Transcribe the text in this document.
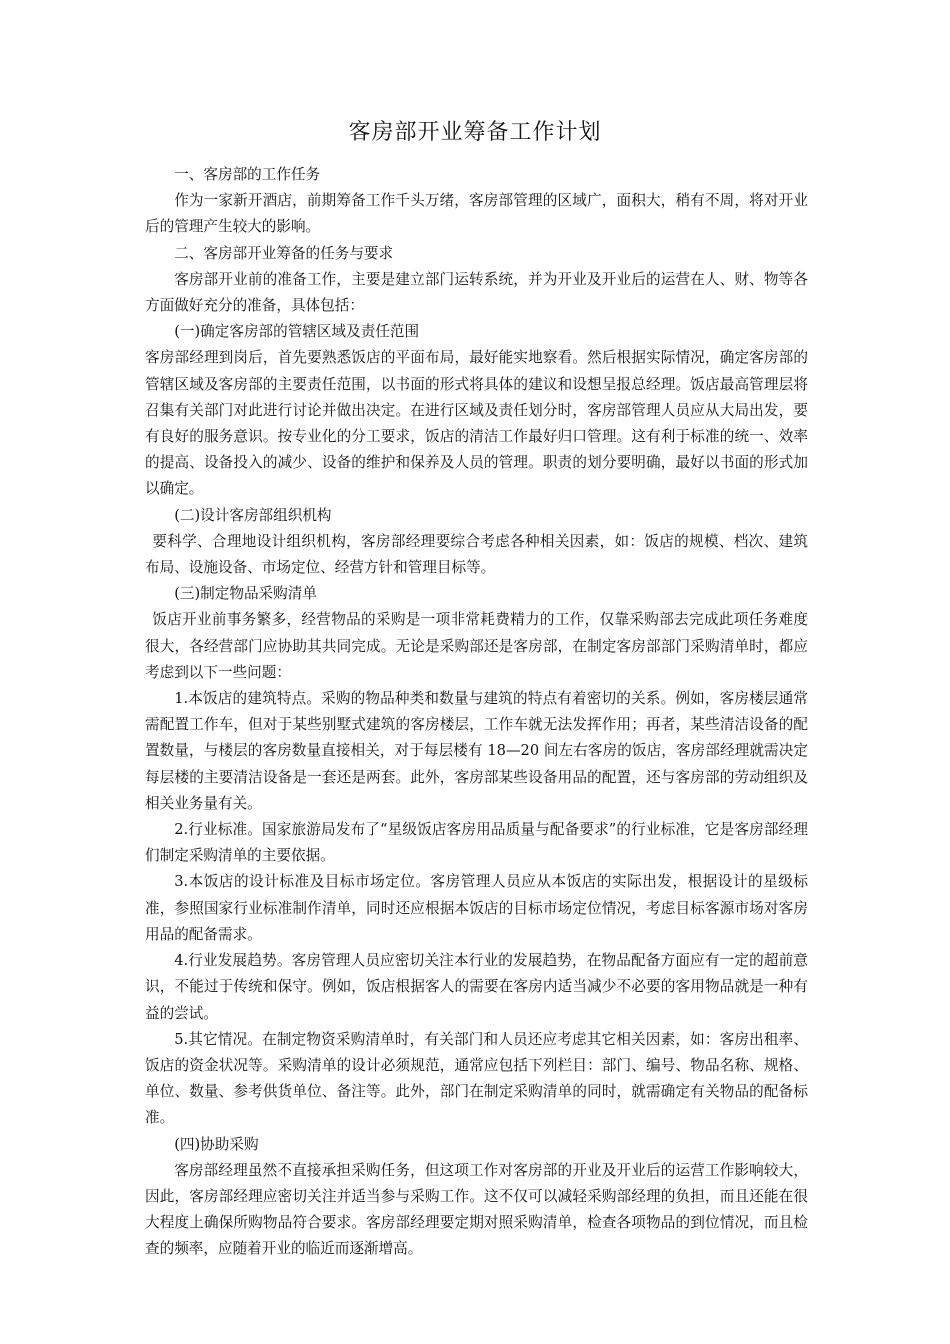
客房部开业筹备工作计划

一、客房部的工作任务

作为一家新开酒店，前期筹备工作千头万绪，客房部管理的区域广，面积大，稍有不周，将对开业后的管理产生较大的影响。

二、客房部开业筹备的任务与要求

客房部开业前的准备工作，主要是建立部门运转系统，并为开业及开业后的运营在人、财、物等各方面做好充分的准备，具体包括：

(一)确定客房部的管辖区域及责任范围

客房部经理到岗后，首先要熟悉饭店的平面布局，最好能实地察看。然后根据实际情况，确定客房部的管辖区域及客房部的主要责任范围，以书面的形式将具体的建议和设想呈报总经理。饭店最高管理层将召集有关部门对此进行讨论并做出决定。在进行区域及责任划分时，客房部管理人员应从大局出发，要有良好的服务意识。按专业化的分工要求，饭店的清洁工作最好归口管理。这有利于标准的统一、效率的提高、设备投入的减少、设备的维护和保养及人员的管理。职责的划分要明确，最好以书面的形式加以确定。

(二)设计客房部组织机构

要科学、合理地设计组织机构，客房部经理要综合考虑各种相关因素，如：饭店的规模、档次、建筑布局、设施设备、市场定位、经营方针和管理目标等。

(三)制定物品采购清单

饭店开业前事务繁多，经营物品的采购是一项非常耗费精力的工作，仅靠采购部去完成此项任务难度很大，各经营部门应协助其共同完成。无论是采购部还是客房部，在制定客房部部门采购清单时，都应考虑到以下一些问题：

1.本饭店的建筑特点。采购的物品种类和数量与建筑的特点有着密切的关系。例如，客房楼层通常需配置工作车，但对于某些别墅式建筑的客房楼层，工作车就无法发挥作用；再者，某些清洁设备的配置数量，与楼层的客房数量直接相关，对于每层楼有 18—20 间左右客房的饭店，客房部经理就需决定每层楼的主要清洁设备是一套还是两套。此外，客房部某些设备用品的配置，还与客房部的劳动组织及相关业务量有关。

2.行业标准。国家旅游局发布了“星级饭店客房用品质量与配备要求”的行业标准，它是客房部经理们制定采购清单的主要依据。

3.本饭店的设计标准及目标市场定位。客房管理人员应从本饭店的实际出发，根据设计的星级标准，参照国家行业标准制作清单，同时还应根据本饭店的目标市场定位情况，考虑目标客源市场对客房用品的配备需求。

4.行业发展趋势。客房管理人员应密切关注本行业的发展趋势，在物品配备方面应有一定的超前意识，不能过于传统和保守。例如，饭店根据客人的需要在客房内适当减少不必要的客用物品就是一种有益的尝试。

5.其它情况。在制定物资采购清单时，有关部门和人员还应考虑其它相关因素，如：客房出租率、饭店的资金状况等。采购清单的设计必须规范，通常应包括下列栏目：部门、编号、物品名称、规格、单位、数量、参考供货单位、备注等。此外，部门在制定采购清单的同时，就需确定有关物品的配备标准。

(四)协助采购

客房部经理虽然不直接承担采购任务，但这项工作对客房部的开业及开业后的运营工作影响较大，因此，客房部经理应密切关注并适当参与采购工作。这不仅可以减轻采购部经理的负担，而且还能在很大程度上确保所购物品符合要求。客房部经理要定期对照采购清单，检查各项物品的到位情况，而且检查的频率，应随着开业的临近而逐渐增高。
